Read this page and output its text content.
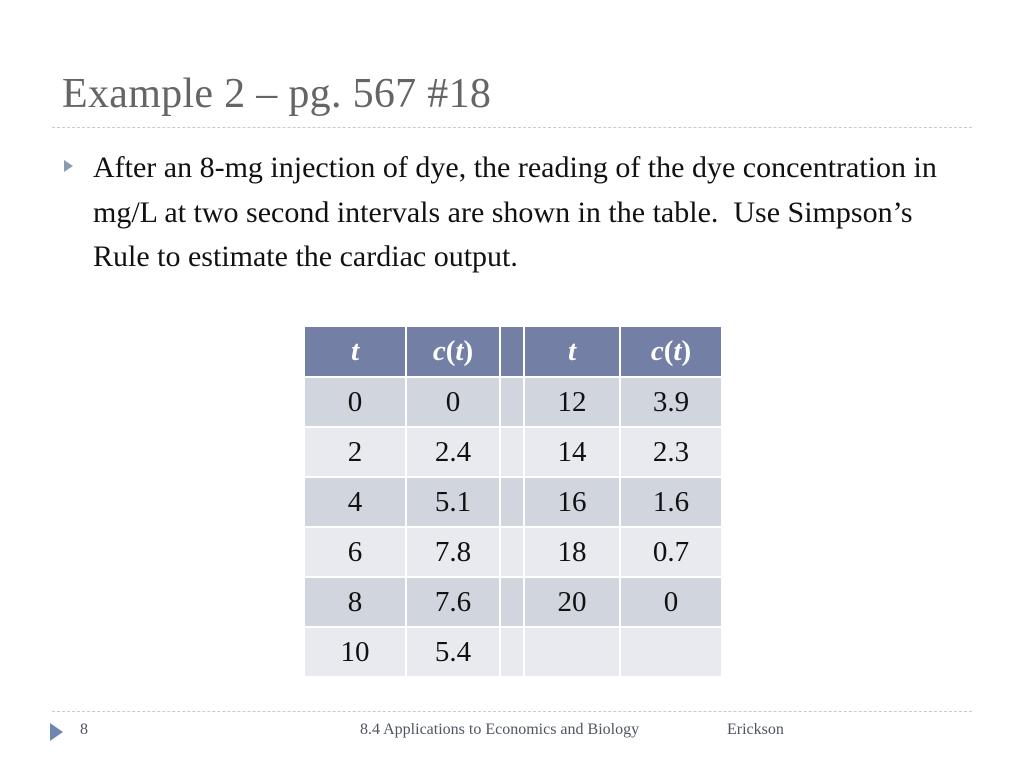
Example 2 – pg. 567 #18
After an 8-mg injection of dye, the reading of the dye concentration in mg/L at two second intervals are shown in the table.  Use Simpson’s Rule to estimate the cardiac output.
t	c(t)		t	c(t)
0	0		12	3.9
2	2.4		14	2.3
4	5.1		16	1.6
6	7.8		18	0.7
8	7.6		20	0
10	5.4			
8	8.4 Applications to Economics and Biology	Erickson
